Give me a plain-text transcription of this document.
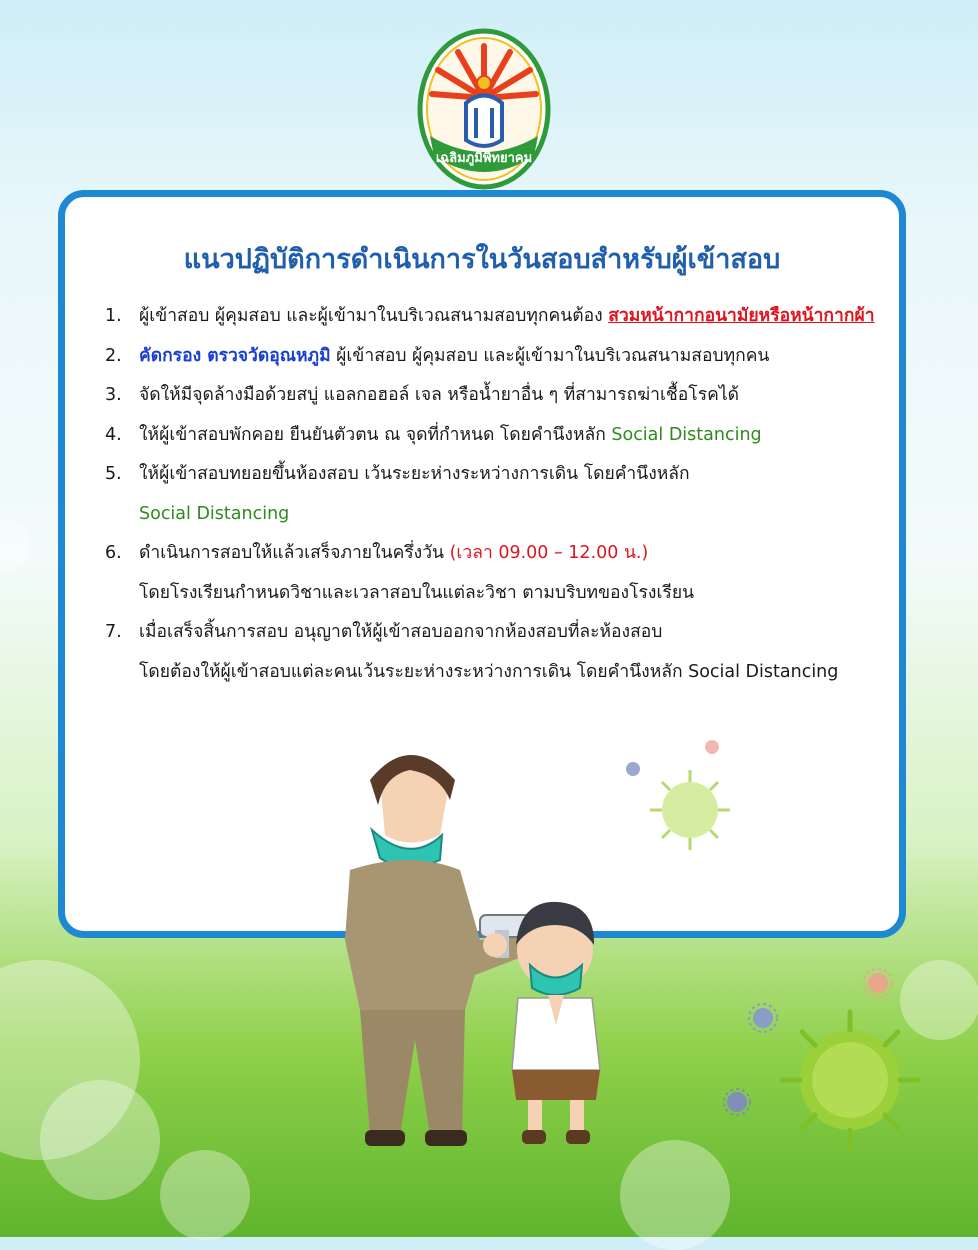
เฉลิมภูมิพิทยาคม
แนวปฏิบัติการดำเนินการในวันสอบสำหรับผู้เข้าสอบ
1. ผู้เข้าสอบ ผู้คุมสอบ และผู้เข้ามาในบริเวณสนามสอบทุกคนต้อง สวมหน้ากากอนามัยหรือหน้ากากผ้า
2. คัดกรอง ตรวจวัดอุณหภูมิ ผู้เข้าสอบ ผู้คุมสอบ และผู้เข้ามาในบริเวณสนามสอบทุกคน
3. จัดให้มีจุดล้างมือด้วยสบู่ แอลกอฮอล์ เจล หรือน้ำยาอื่น ๆ ที่สามารถฆ่าเชื้อโรคได้
4. ให้ผู้เข้าสอบพักคอย ยืนยันตัวตน ณ จุดที่กำหนด โดยคำนึงหลัก Social Distancing
5. ให้ผู้เข้าสอบทยอยขึ้นห้องสอบ เว้นระยะห่างระหว่างการเดิน โดยคำนึงหลัก
Social Distancing
6. ดำเนินการสอบให้แล้วเสร็จภายในครึ่งวัน (เวลา 09.00 – 12.00 น.)
โดยโรงเรียนกำหนดวิชาและเวลาสอบในแต่ละวิชา ตามบริบทของโรงเรียน
7. เมื่อเสร็จสิ้นการสอบ อนุญาตให้ผู้เข้าสอบออกจากห้องสอบที่ละห้องสอบ
โดยต้องให้ผู้เข้าสอบแต่ละคนเว้นระยะห่างระหว่างการเดิน โดยคำนึงหลัก Social Distancing
